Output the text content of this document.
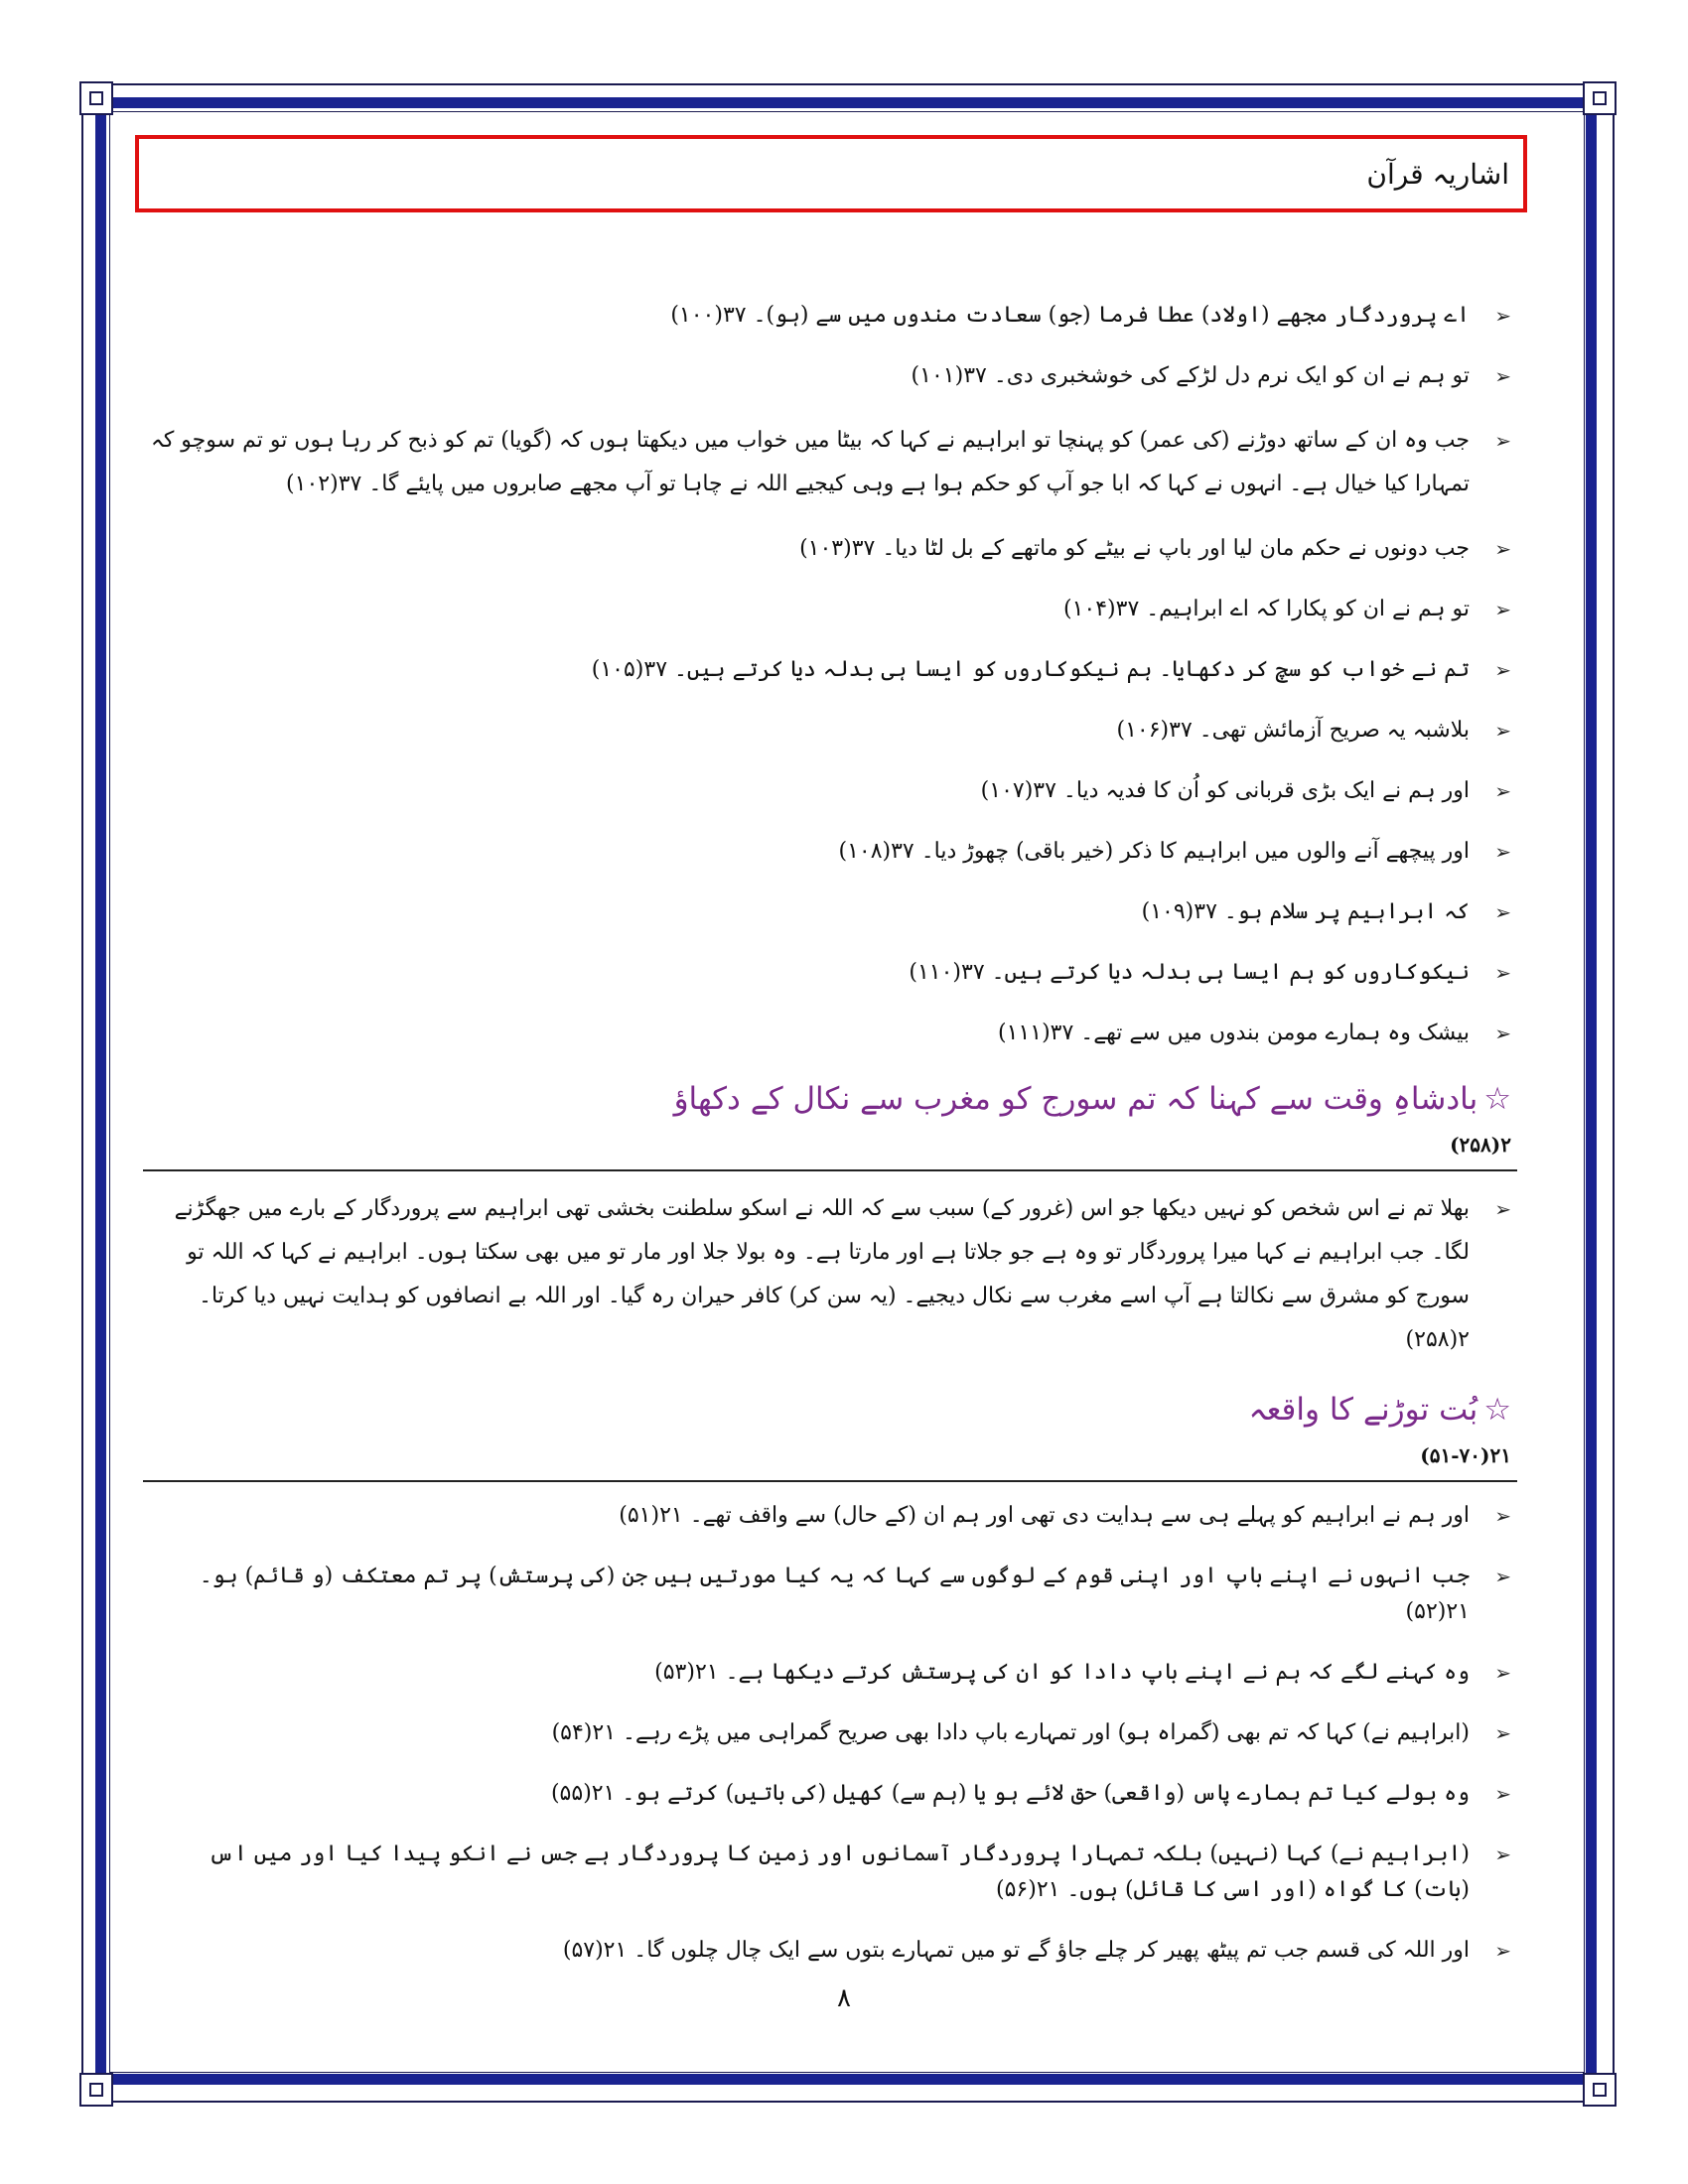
اشاریہ قرآن
➢
اے پروردگار مجھے (اولاد) عطا فرما (جو) سعادت مندوں میں سے (ہو)۔ ۳۷(۱۰۰)
➢
تو ہم نے ان کو ایک نرم دل لڑکے کی خوشخبری دی۔ ۳۷(۱۰۱)
➢
جب وہ ان کے ساتھ دوڑنے (کی عمر) کو پہنچا تو ابراہیم نے کہا کہ بیٹا میں خواب میں دیکھتا ہوں کہ (گویا) تم کو ذبح کر رہا ہوں تو تم سوچو کہ تمہارا کیا خیال ہے۔ انہوں نے کہا کہ ابا جو آپ کو حکم ہوا ہے وہی کیجیے اللہ نے چاہا تو آپ مجھے صابروں میں پایئے گا۔ ۳۷(۱۰۲)
➢
جب دونوں نے حکم مان لیا اور باپ نے بیٹے کو ماتھے کے بل لٹا دیا۔ ۳۷(۱۰۳)
➢
تو ہم نے ان کو پکارا کہ اے ابراہیم۔ ۳۷(۱۰۴)
➢
تم نے خواب کو سچ کر دکھایا۔ ہم نیکوکاروں کو ایسا ہی بدلہ دیا کرتے ہیں۔ ۳۷(۱۰۵)
➢
بلاشبہ یہ صریح آزمائش تھی۔ ۳۷(۱۰۶)
➢
اور ہم نے ایک بڑی قربانی کو اُن کا فدیہ دیا۔ ۳۷(۱۰۷)
➢
اور پیچھے آنے والوں میں ابراہیم کا ذکر (خیر باقی) چھوڑ دیا۔ ۳۷(۱۰۸)
➢
کہ ابراہیم پر سلام ہو۔ ۳۷(۱۰۹)
➢
نیکوکاروں کو ہم ایسا ہی بدلہ دیا کرتے ہیں۔ ۳۷(۱۱۰)
➢
بیشک وہ ہمارے مومن بندوں میں سے تھے۔ ۳۷(۱۱۱)
☆بادشاہِ وقت سے کہنا کہ تم سورج کو مغرب سے نکال کے دکھاؤ
۲(۲۵۸)
➢
بھلا تم نے اس شخص کو نہیں دیکھا جو اس (غرور کے) سبب سے کہ اللہ نے اسکو سلطنت بخشی تھی ابراہیم سے پروردگار کے بارے میں جھگڑنے لگا۔ جب ابراہیم نے کہا میرا پروردگار تو وہ ہے جو جلاتا ہے اور مارتا ہے۔ وہ بولا جلا اور مار تو میں بھی سکتا ہوں۔ ابراہیم نے کہا کہ اللہ تو سورج کو مشرق سے نکالتا ہے آپ اسے مغرب سے نکال دیجیے۔ (یہ سن کر) کافر حیران رہ گیا۔ اور اللہ بے انصافوں کو ہدایت نہیں دیا کرتا۔ ۲(۲۵۸)
☆بُت توڑنے کا واقعہ
۲۱(۵۱-۷۰)
➢
اور ہم نے ابراہیم کو پہلے ہی سے ہدایت دی تھی اور ہم ان (کے حال) سے واقف تھے۔ ۲۱(۵۱)
➢
جب انہوں نے اپنے باپ اور اپنی قوم کے لوگوں سے کہا کہ یہ کیا مورتیں ہیں جن (کی پرستش) پر تم معتکف (و قائم) ہو۔ ۲۱(۵۲)
➢
وہ کہنے لگے کہ ہم نے اپنے باپ دادا کو ان کی پرستش کرتے دیکھا ہے۔ ۲۱(۵۳)
➢
(ابراہیم نے) کہا کہ تم بھی (گمراہ ہو) اور تمہارے باپ دادا بھی صریح گمراہی میں پڑے رہے۔ ۲۱(۵۴)
➢
وہ بولے کیا تم ہمارے پاس (واقعی) حق لائے ہو یا (ہم سے) کھیل (کی باتیں) کرتے ہو۔ ۲۱(۵۵)
➢
(ابراہیم نے) کہا (نہیں) بلکہ تمہارا پروردگار آسمانوں اور زمین کا پروردگار ہے جس نے انکو پیدا کیا اور میں اس (بات) کا گواہ (اور اسی کا قائل) ہوں۔ ۲۱(۵۶)
➢
اور اللہ کی قسم جب تم پیٹھ پھیر کر چلے جاؤ گے تو میں تمہارے بتوں سے ایک چال چلوں گا۔ ۲۱(۵۷)
۸
